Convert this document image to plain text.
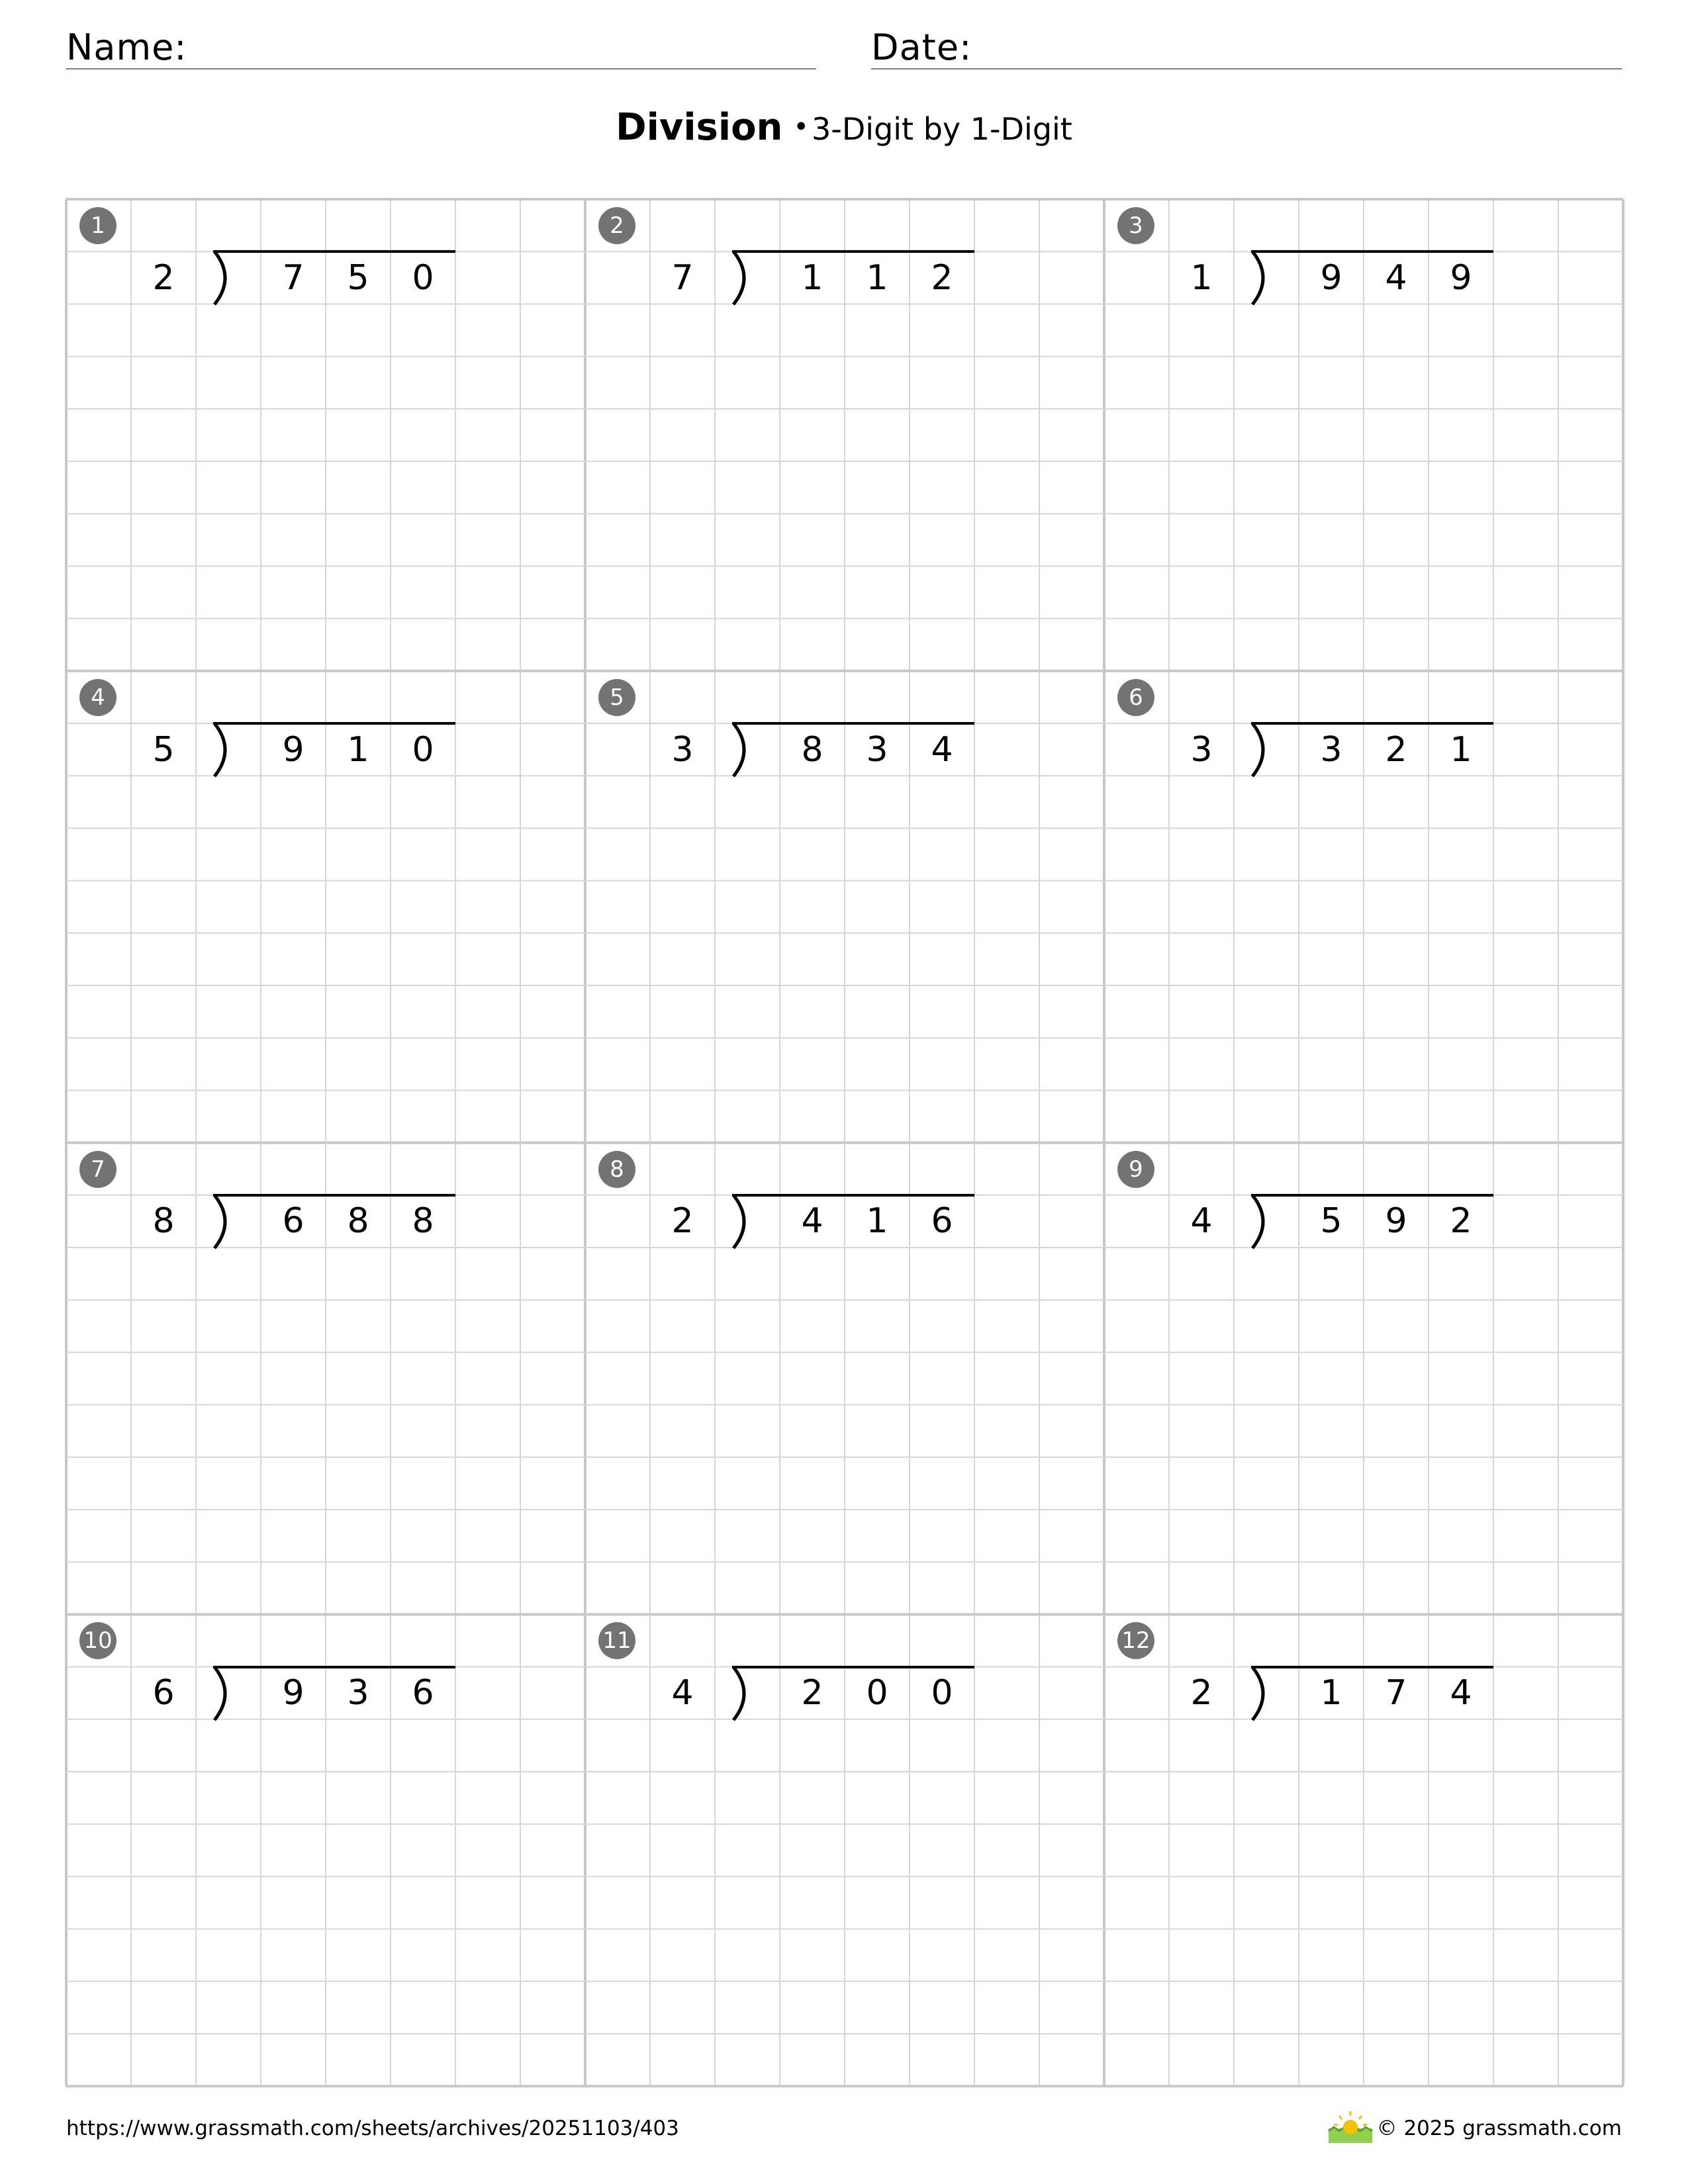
Name:	Date:
Division •3-Digit by 1-Digit
1
2	7	5	0
2
7	1	1	2
3
1	9	4	9
4
5	9	1	0
5
3	8	3	4
6
3	3	2	1
7
8	6	8	8
8
2	4	1	6
9
4	5	9	2
10
6	9	3	6
11
4	2	0	0
12
2	1	7	4
https://www.grassmath.com/sheets/archives/20251103/403	© 2025 grassmath.com
